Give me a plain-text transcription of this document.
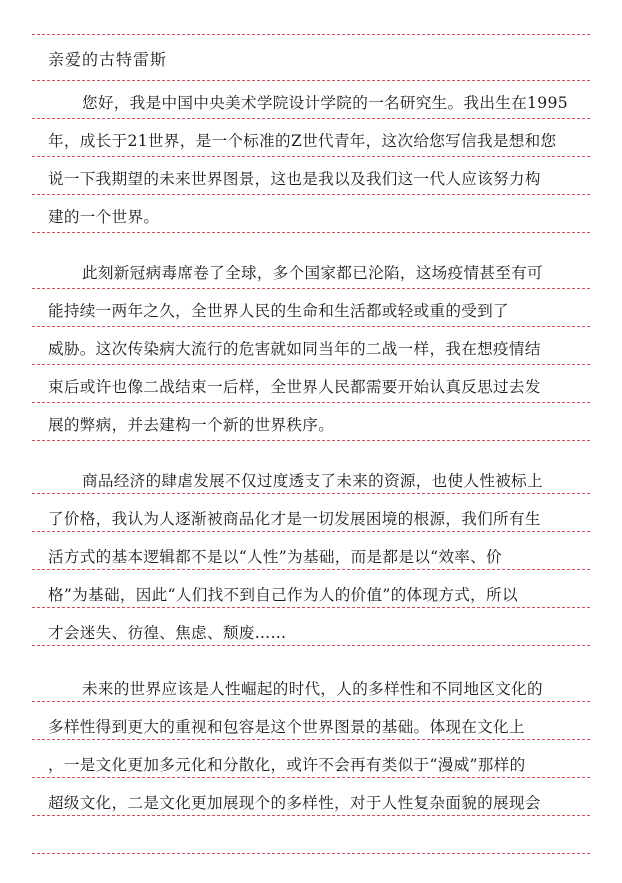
亲爱的古特雷斯
您好，我是中国中央美术学院设计学院的一名研究生。我出生在1995
年，成长于21世界，是一个标准的Z世代青年，这次给您写信我是想和您
说一下我期望的未来世界图景，这也是我以及我们这一代人应该努力构
建的一个世界。
此刻新冠病毒席卷了全球，多个国家都已沦陷，这场疫情甚至有可
能持续一两年之久，全世界人民的生命和生活都或轻或重的受到了
威胁。这次传染病大流行的危害就如同当年的二战一样，我在想疫情结
束后或许也像二战结束一后样，全世界人民都需要开始认真反思过去发
展的弊病，并去建构一个新的世界秩序。
商品经济的肆虐发展不仅过度透支了未来的资源，也使人性被标上
了价格，我认为人逐渐被商品化才是一切发展困境的根源，我们所有生
活方式的基本逻辑都不是以“人性”为基础，而是都是以“效率、价
格”为基础，因此“人们找不到自己作为人的价值”的体现方式，所以
才会迷失、彷徨、焦虑、颓废……
未来的世界应该是人性崛起的时代，人的多样性和不同地区文化的
多样性得到更大的重视和包容是这个世界图景的基础。体现在文化上
，一是文化更加多元化和分散化，或许不会再有类似于“漫威”那样的
超级文化，二是文化更加展现个的多样性，对于人性复杂面貌的展现会
